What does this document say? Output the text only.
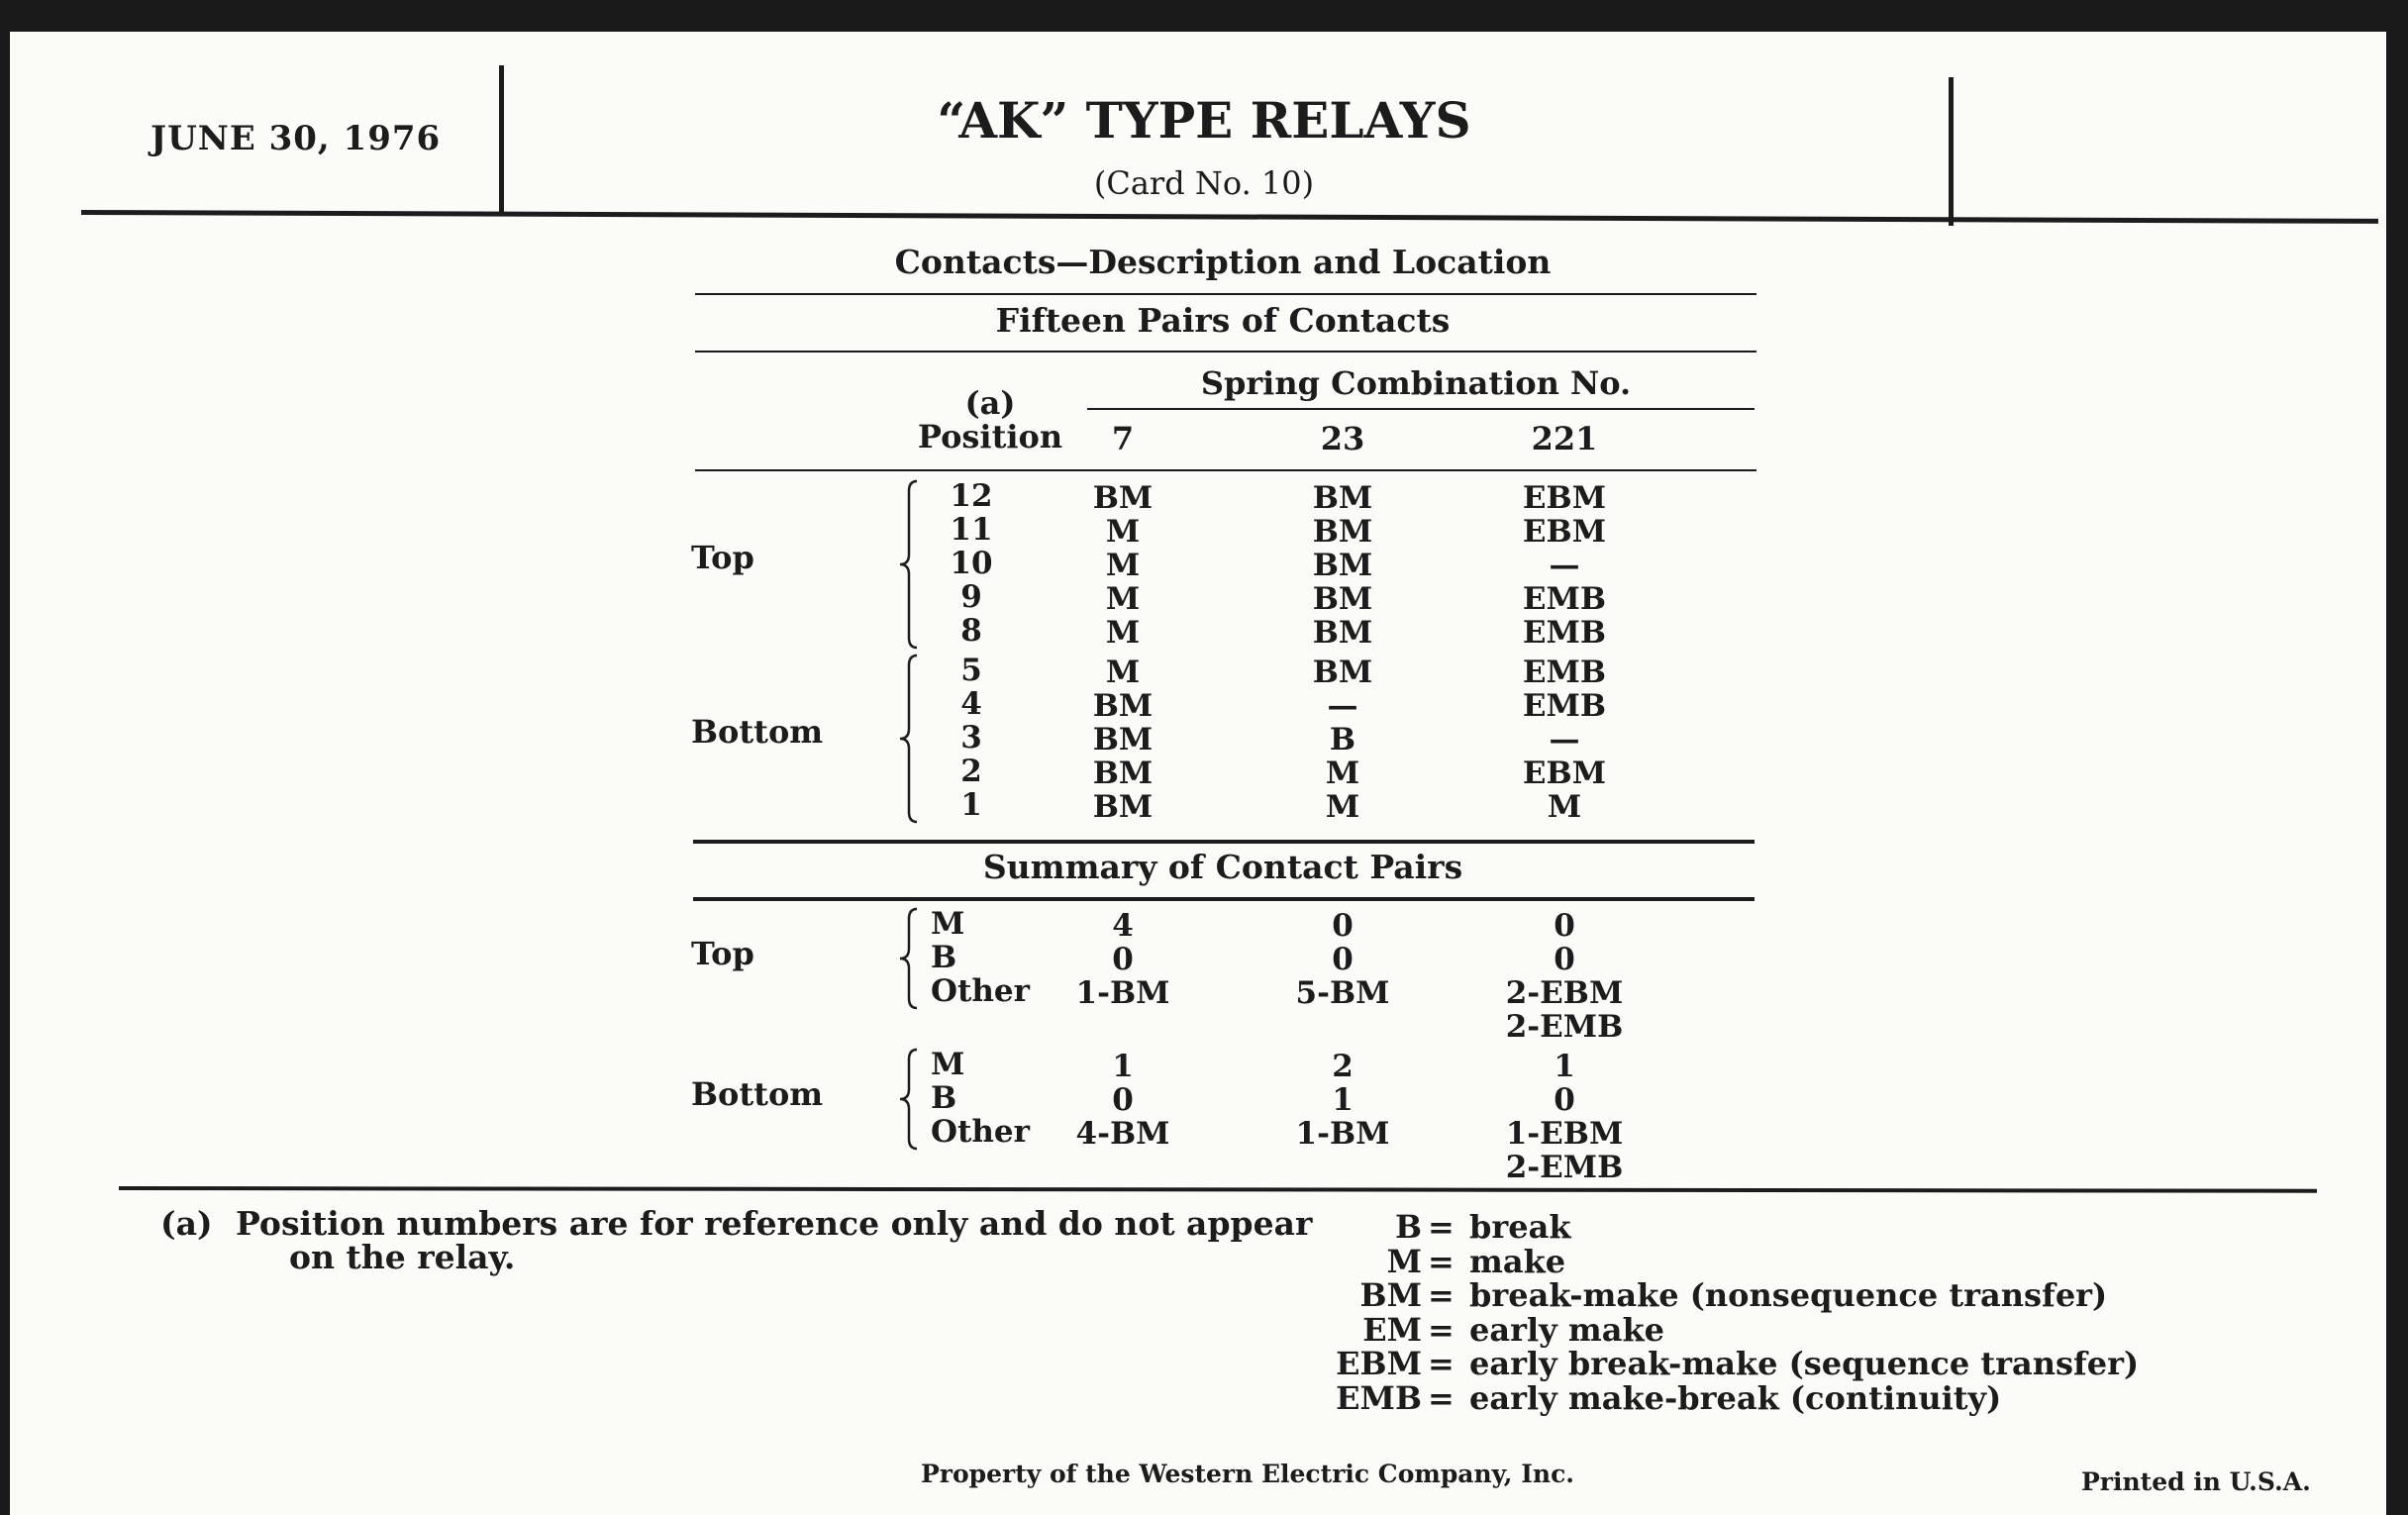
JUNE 30, 1976	“AK” TYPE RELAYS
(Card No. 10)
Contacts—Description and Location
Fifteen Pairs of Contacts
(a)
Position
Spring Combination No.
7	23	221
Top
12	BM	BM	EBM
11	M	BM	EBM
10	M	BM	—
9	M	BM	EMB
8	M	BM	EMB
Bottom
5	M	BM	EMB
4	BM	—	EMB
3	BM	B	—
2	BM	M	EBM
1	BM	M	M
Summary of Contact Pairs
Top
M	4	0	0
B	0	0	0
Other	1-BM	5-BM	2-EBM
2-EMB
Bottom
M	1	2	1
B	0	1	0
Other	4-BM	1-BM	1-EBM
2-EMB
(a) Position numbers are for reference only and do not appear
on the relay.
B = break
M = make
BM = break-make (nonsequence transfer)
EM = early make
EBM = early break-make (sequence transfer)
EMB = early make-break (continuity)
Property of the Western Electric Company, Inc.	Printed in U.S.A.
